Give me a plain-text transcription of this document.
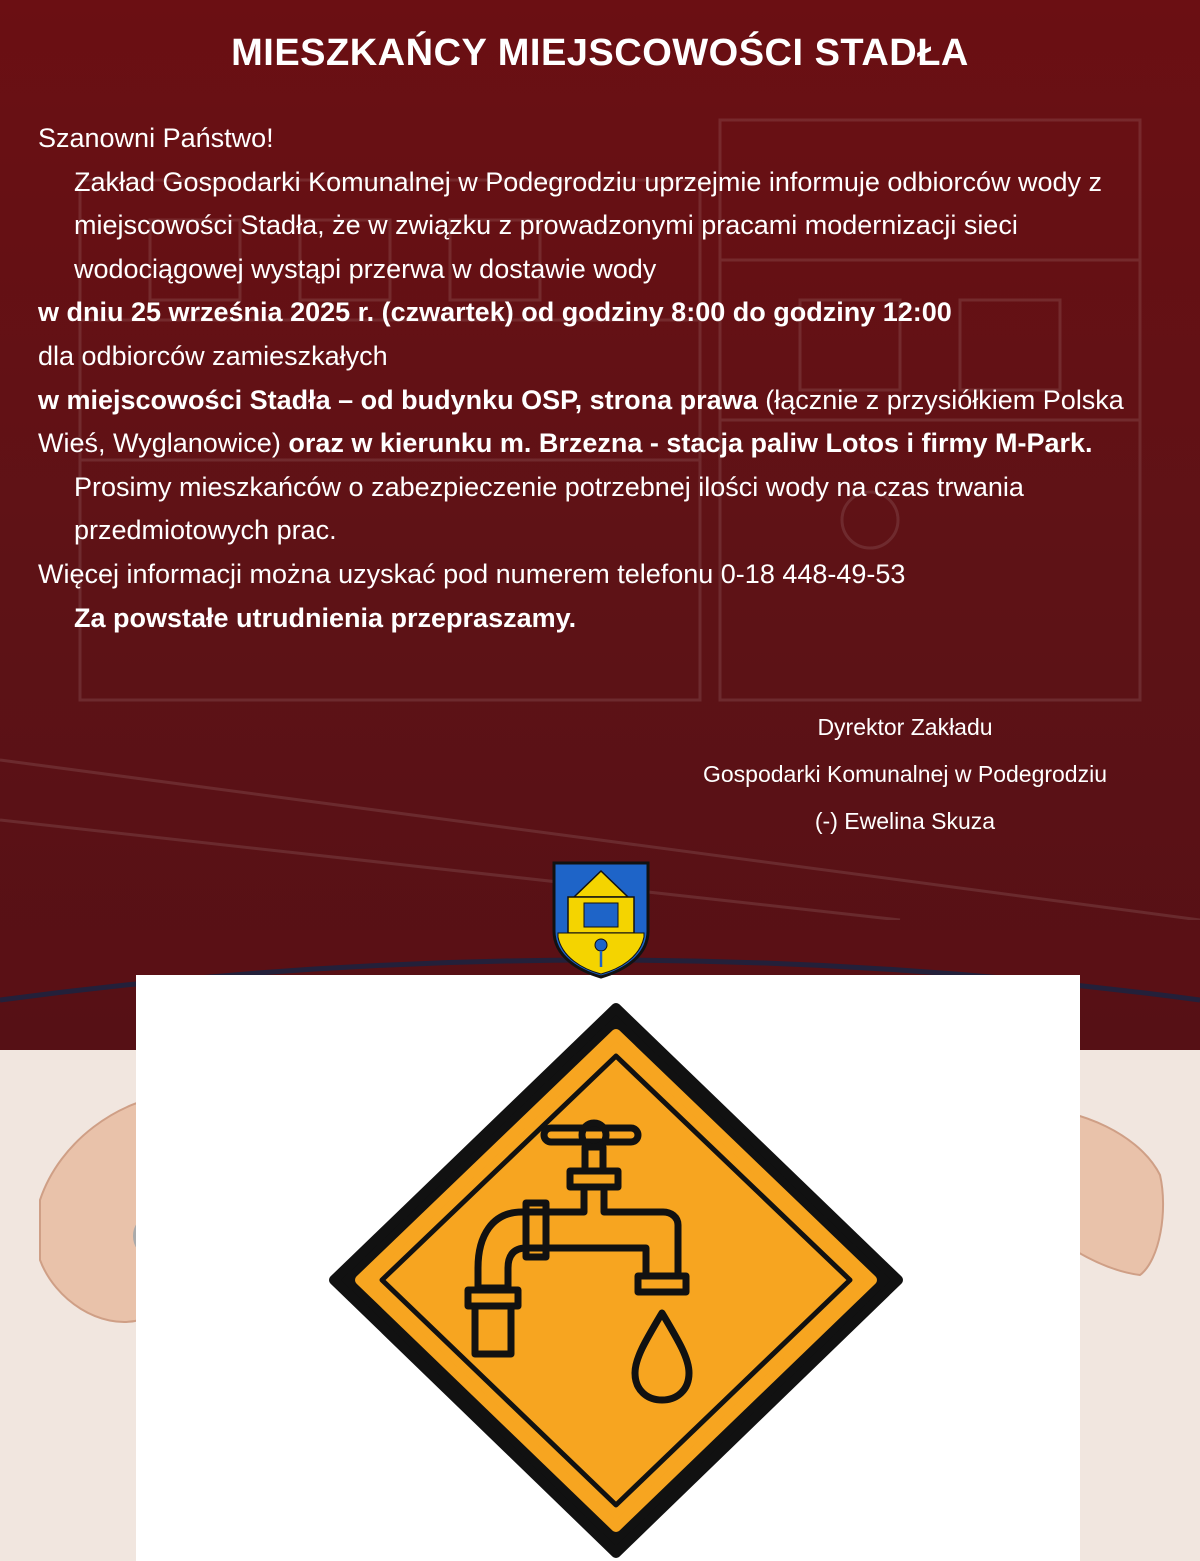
MIESZKAŃCY MIEJSCOWOŚCI STADŁA

Szanowni Państwo!

Zakład Gospodarki Komunalnej w Podegrodziu uprzejmie informuje odbiorców wody z miejscowości Stadła, że w związku z prowadzonymi pracami modernizacji sieci wodociągowej wystąpi przerwa w dostawie wody

w dniu 25 września 2025 r. (czwartek) od godziny 8:00 do godziny 12:00

dla odbiorców zamieszkałych

w miejscowości Stadła – od budynku OSP, strona prawa (łącznie z przysiółkiem Polska Wieś, Wyglanowice) oraz w kierunku m. Brzezna - stacja paliw Lotos i firmy M-Park.

Prosimy mieszkańców o zabezpieczenie potrzebnej ilości wody na czas trwania przedmiotowych prac.

Więcej informacji można uzyskać pod numerem telefonu 0-18 448-49-53

Za powstałe utrudnienia przepraszamy.

Dyrektor Zakładu
Gospodarki Komunalnej w Podegrodziu
(-) Ewelina Skuza
